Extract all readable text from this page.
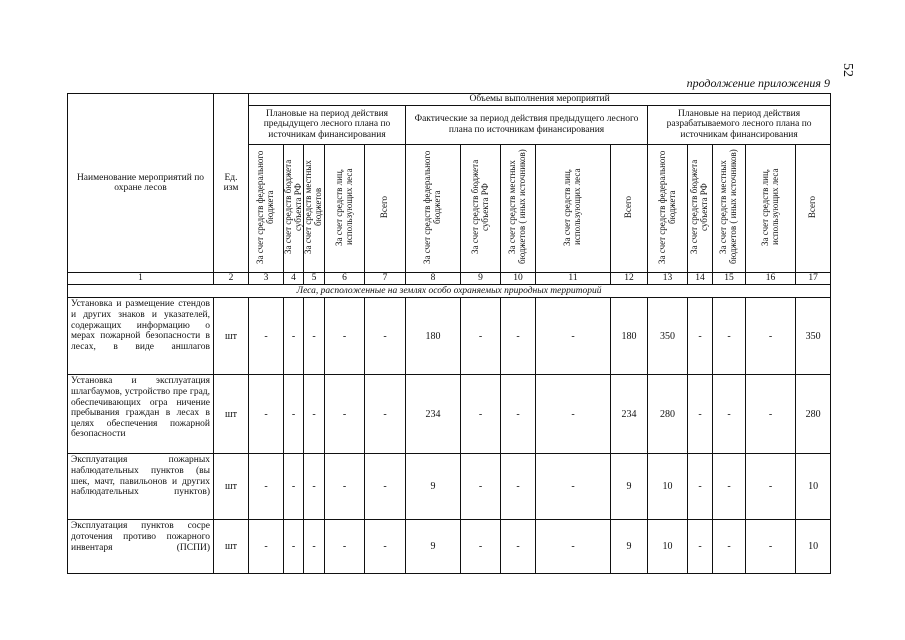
52
продолжение приложения 9
Наименование мероприятий по охране лесов	Ед. изм	Объемы выполнения мероприятий														
		Плановые на период действия предыдущего лесного плана по источникам финансирования					Фактические за период действия предыдущего лесного плана по источникам финансирования					Плановые на период действия разрабатываемого лесного плана по источникам финансирования				
		За счет средств федерального бюджета	За счет средств бюджета субъекта РФ	За счет средств местных бюджетов	За счет средств лиц, использующих леса	Всего	За счет средств федерального бюджета	За счет средств бюджета субъекта РФ	За счет средств местных бюджетов ( иных источников)	За счет средств лиц, использующих леса	Всего	За счет средств федерального бюджета	За счет средств бюджета субъекта РФ	За счет средств местных бюджетов ( иных источников)	За счет средств лиц, использующих леса	Всего
1	2	3	4	5	6	7	8	9	10	11	12	13	14	15	16	17
Леса, расположенные на землях особо охраняемых природных территорий																
Установка и размещение стендов и других знаков и указателей, содержащих информацию о мерах пожарной безопасности в лесах, в виде аншлагов	шт	-	-	-	-	-	180	-	-	-	180	350	-	-	-	350
Установка и эксплуатация шлагбаумов, устройство пре град, обеспечивающих огра ничение пребывания граждан в лесах в целях обеспечения пожарной безопасности	шт	-	-	-	-	-	234	-	-	-	234	280	-	-	-	280
Эксплуатация пожарных наблюдательных пунктов (вы шек, мачт, павильонов и других наблюдательных пунктов)	шт	-	-	-	-	-	9	-	-	-	9	10	-	-	-	10
Эксплуатация пунктов сосре доточения противо пожарного инвентаря (ПСПИ)	шт	-	-	-	-	-	9	-	-	-	9	10	-	-	-	10
